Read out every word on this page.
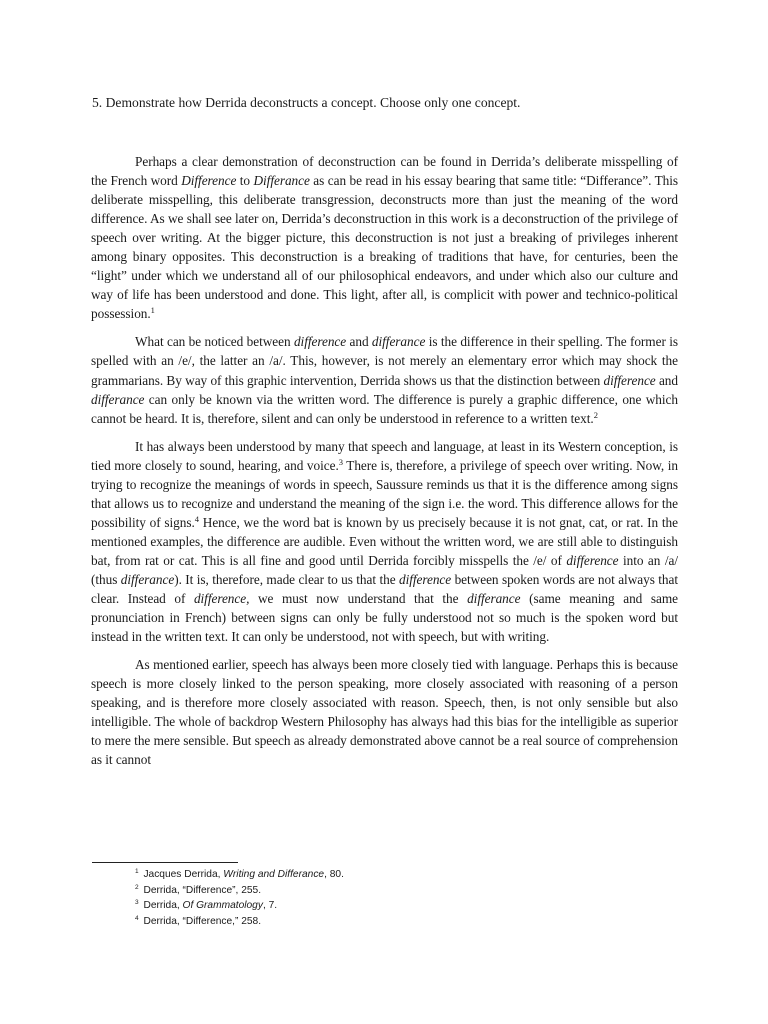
5. Demonstrate how Derrida deconstructs a concept. Choose only one concept.

Perhaps a clear demonstration of deconstruction can be found in Derrida’s deliberate misspelling of the French word Difference to Differance as can be read in his essay bearing that same title: “Differance”. This deliberate misspelling, this deliberate transgression, deconstructs more than just the meaning of the word difference. As we shall see later on, Derrida’s deconstruction in this work is a deconstruction of the privilege of speech over writing. At the bigger picture, this deconstruction is not just a breaking of privileges inherent among binary opposites. This deconstruction is a breaking of traditions that have, for centuries, been the “light” under which we understand all of our philosophical endeavors, and under which also our culture and way of life has been understood and done. This light, after all, is complicit with power and technico-political possession.$^1$

What can be noticed between difference and differance is the difference in their spelling. The former is spelled with an /e/, the latter an /a/. This, however, is not merely an elementary error which may shock the grammarians. By way of this graphic intervention, Derrida shows us that the distinction between difference and differance can only be known via the written word. The difference is purely a graphic difference, one which cannot be heard. It is, therefore, silent and can only be understood in reference to a written text.$^2$

It has always been understood by many that speech and language, at least in its Western conception, is tied more closely to sound, hearing, and voice.$^3$ There is, therefore, a privilege of speech over writing. Now, in trying to recognize the meanings of words in speech, Saussure reminds us that it is the difference among signs that allows us to recognize and understand the meaning of the sign i.e. the word. This difference allows for the possibility of signs.$^4$ Hence, we the word bat is known by us precisely because it is not gnat, cat, or rat. In the mentioned examples, the difference are audible. Even without the written word, we are still able to distinguish bat, from rat or cat. This is all fine and good until Derrida forcibly misspells the /e/ of difference into an /a/ (thus differance). It is, therefore, made clear to us that the difference between spoken words are not always that clear. Instead of difference, we must now understand that the differance (same meaning and same pronunciation in French) between signs can only be fully understood not so much is the spoken word but instead in the written text. It can only be understood, not with speech, but with writing.

As mentioned earlier, speech has always been more closely tied with language. Perhaps this is because speech is more closely linked to the person speaking, more closely associated with reasoning of a person speaking, and is therefore more closely associated with reason. Speech, then, is not only sensible but also intelligible. The whole of backdrop Western Philosophy has always had this bias for the intelligible as superior to mere the mere sensible. But speech as already demonstrated above cannot be a real source of comprehension as it cannot

$^1$ Jacques Derrida, Writing and Differance, 80.
$^2$ Derrida, “Difference”, 255.
$^3$ Derrida, Of Grammatology, 7.
$^4$ Derrida, “Difference,” 258.
